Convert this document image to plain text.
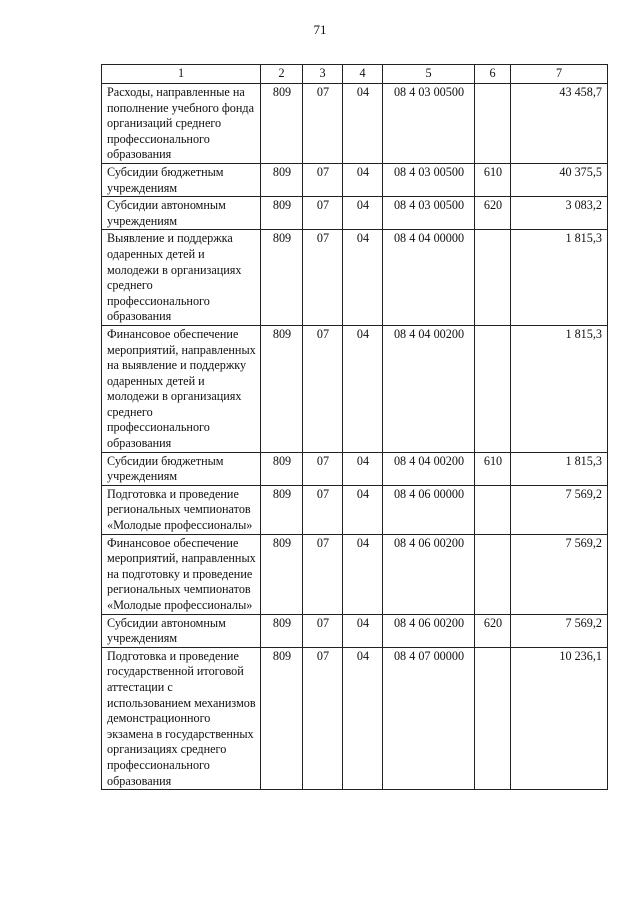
71
1	2	3	4	5	6	7
Расходы, направленные на пополнение учебного фонда организаций среднего профессионального образования	809	07	04	08 4 03 00500		43 458,7
Субсидии бюджетным учреждениям	809	07	04	08 4 03 00500	610	40 375,5
Субсидии автономным учреждениям	809	07	04	08 4 03 00500	620	3 083,2
Выявление и поддержка одаренных детей и молодежи в организациях среднего профессионального образования	809	07	04	08 4 04 00000		1 815,3
Финансовое обеспечение мероприятий, направленных на выявление и поддержку одаренных детей и молодежи в организациях среднего профессионального образования	809	07	04	08 4 04 00200		1 815,3
Субсидии бюджетным учреждениям	809	07	04	08 4 04 00200	610	1 815,3
Подготовка и проведение региональных чемпионатов «Молодые профессионалы»	809	07	04	08 4 06 00000		7 569,2
Финансовое обеспечение мероприятий, направленных на подготовку и проведение региональных чемпионатов «Молодые профессионалы»	809	07	04	08 4 06 00200		7 569,2
Субсидии автономным учреждениям	809	07	04	08 4 06 00200	620	7 569,2
Подготовка и проведение государственной итоговой аттестации с использованием механизмов демонстрационного экзамена в государственных организациях среднего профессионального образования	809	07	04	08 4 07 00000		10 236,1
